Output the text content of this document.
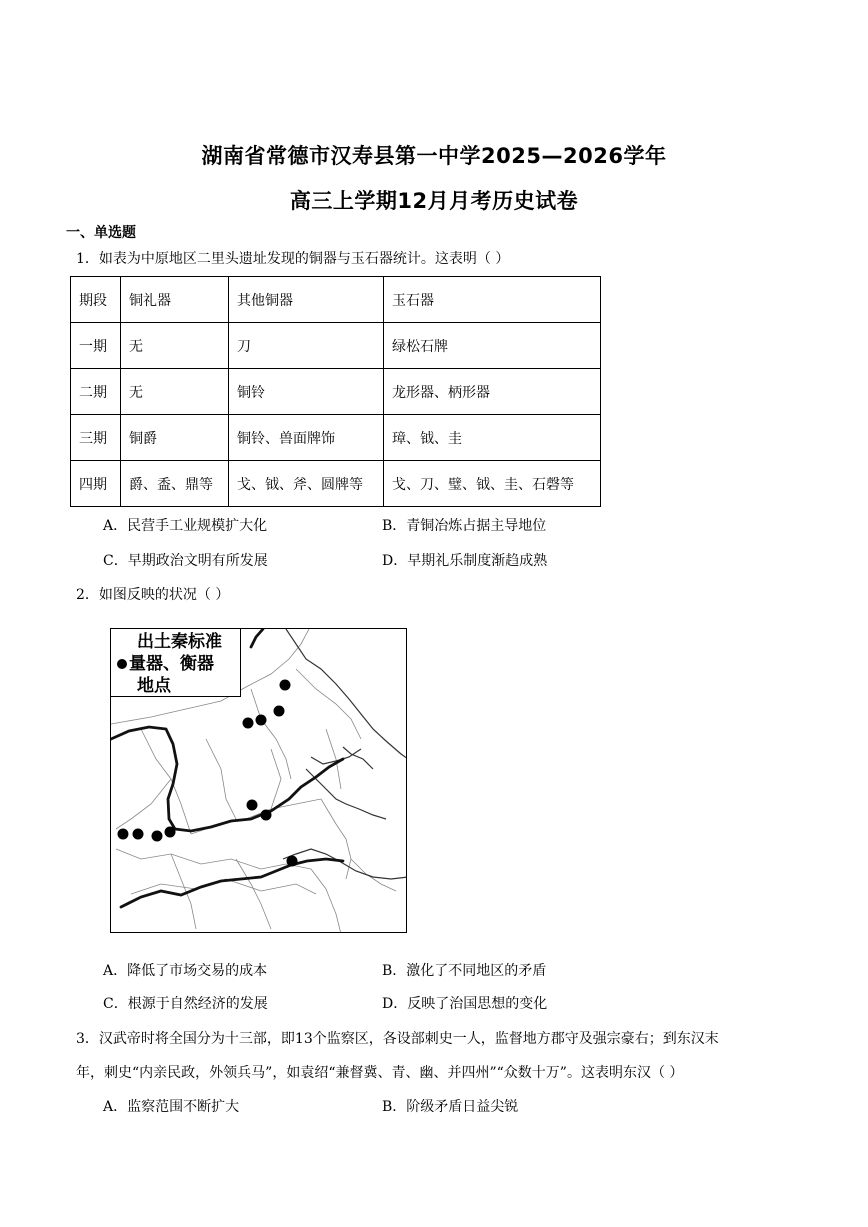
湖南省常德市汉寿县第一中学2025—2026学年
高三上学期12月月考历史试卷
一、单选题
1．如表为中原地区二里头遗址发现的铜器与玉石器统计。这表明（ ）
期段	铜礼器	其他铜器	玉石器
一期	无	刀	绿松石牌
二期	无	铜铃	龙形器、柄形器
三期	铜爵	铜铃、兽面牌饰	璋、钺、圭
四期	爵、盉、鼎等	戈、钺、斧、圆牌等	戈、刀、璧、钺、圭、石磬等
A．民营手工业规模扩大化	B．青铜冶炼占据主导地位
C．早期政治文明有所发展	D．早期礼乐制度渐趋成熟
2．如图反映的状况（ ）
出土秦标准
量器、衡器
地点
A．降低了市场交易的成本	B．激化了不同地区的矛盾
C．根源于自然经济的发展	D．反映了治国思想的变化
3．汉武帝时将全国分为十三部，即13个监察区，各设部刺史一人，监督地方郡守及强宗豪右；到东汉末
年，刺史“内亲民政，外领兵马”，如袁绍“兼督冀、青、幽、并四州”“众数十万”。这表明东汉（ ）
A．监察范围不断扩大	B．阶级矛盾日益尖锐
